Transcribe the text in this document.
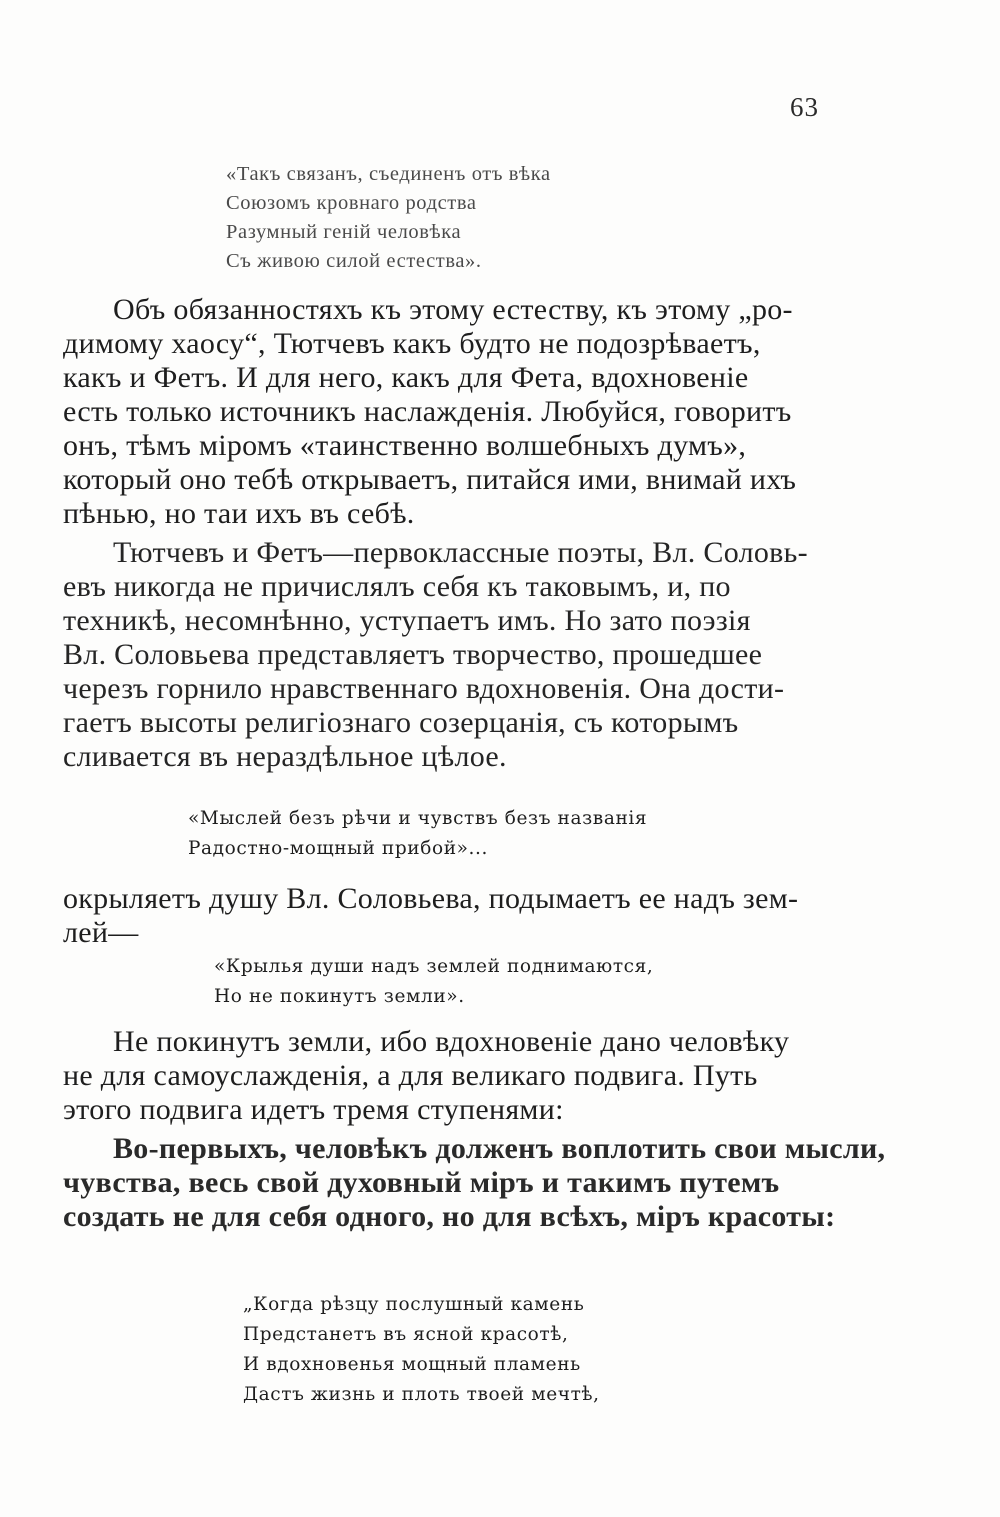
63
«Такъ связанъ, съединенъ отъ вѣка
Союзомъ кровнаго родства
Разумный геній человѣка
Съ живою силой естества».
Объ обязанностяхъ къ этому естеству, къ этому „ро-
димому хаосу“, Тютчевъ какъ будто не подозрѣваетъ,
какъ и Фетъ. И для него, какъ для Фета, вдохновеніе
есть только источникъ наслажденія. Любуйся, говоритъ
онъ, тѣмъ міромъ «таинственно волшебныхъ думъ»,
который оно тебѣ открываетъ, питайся ими, внимай ихъ
пѣнью, но таи ихъ въ себѣ.
Тютчевъ и Фетъ—первоклассные поэты, Вл. Соловь-
евъ никогда не причислялъ себя къ таковымъ, и, по
техникѣ, несомнѣнно, уступаетъ имъ. Но зато поэзія
Вл. Соловьева представляетъ творчество, прошедшее
черезъ горнило нравственнаго вдохновенія. Она дости-
гаетъ высоты религіознаго созерцанія, съ которымъ
сливается въ нераздѣльное цѣлое.
«Мыслей безъ рѣчи и чувствъ безъ названія
Радостно-мощный прибой»...
окрыляетъ душу Вл. Соловьева, подымаетъ ее надъ зем-
лей—
«Крылья души надъ землей поднимаются,
Но не покинутъ земли».
Не покинутъ земли, ибо вдохновеніе дано человѣку
не для самоуслажденія, а для великаго подвига. Путь
этого подвига идетъ тремя ступенями:
Во-первыхъ, человѣкъ долженъ воплотить свои мысли,
чувства, весь свой духовный міръ и такимъ путемъ
создать не для себя одного, но для всѣхъ, міръ красоты:
„Когда рѣзцу послушный камень
Предстанетъ въ ясной красотѣ,
И вдохновенья мощный пламень
Дастъ жизнь и плоть твоей мечтѣ,
